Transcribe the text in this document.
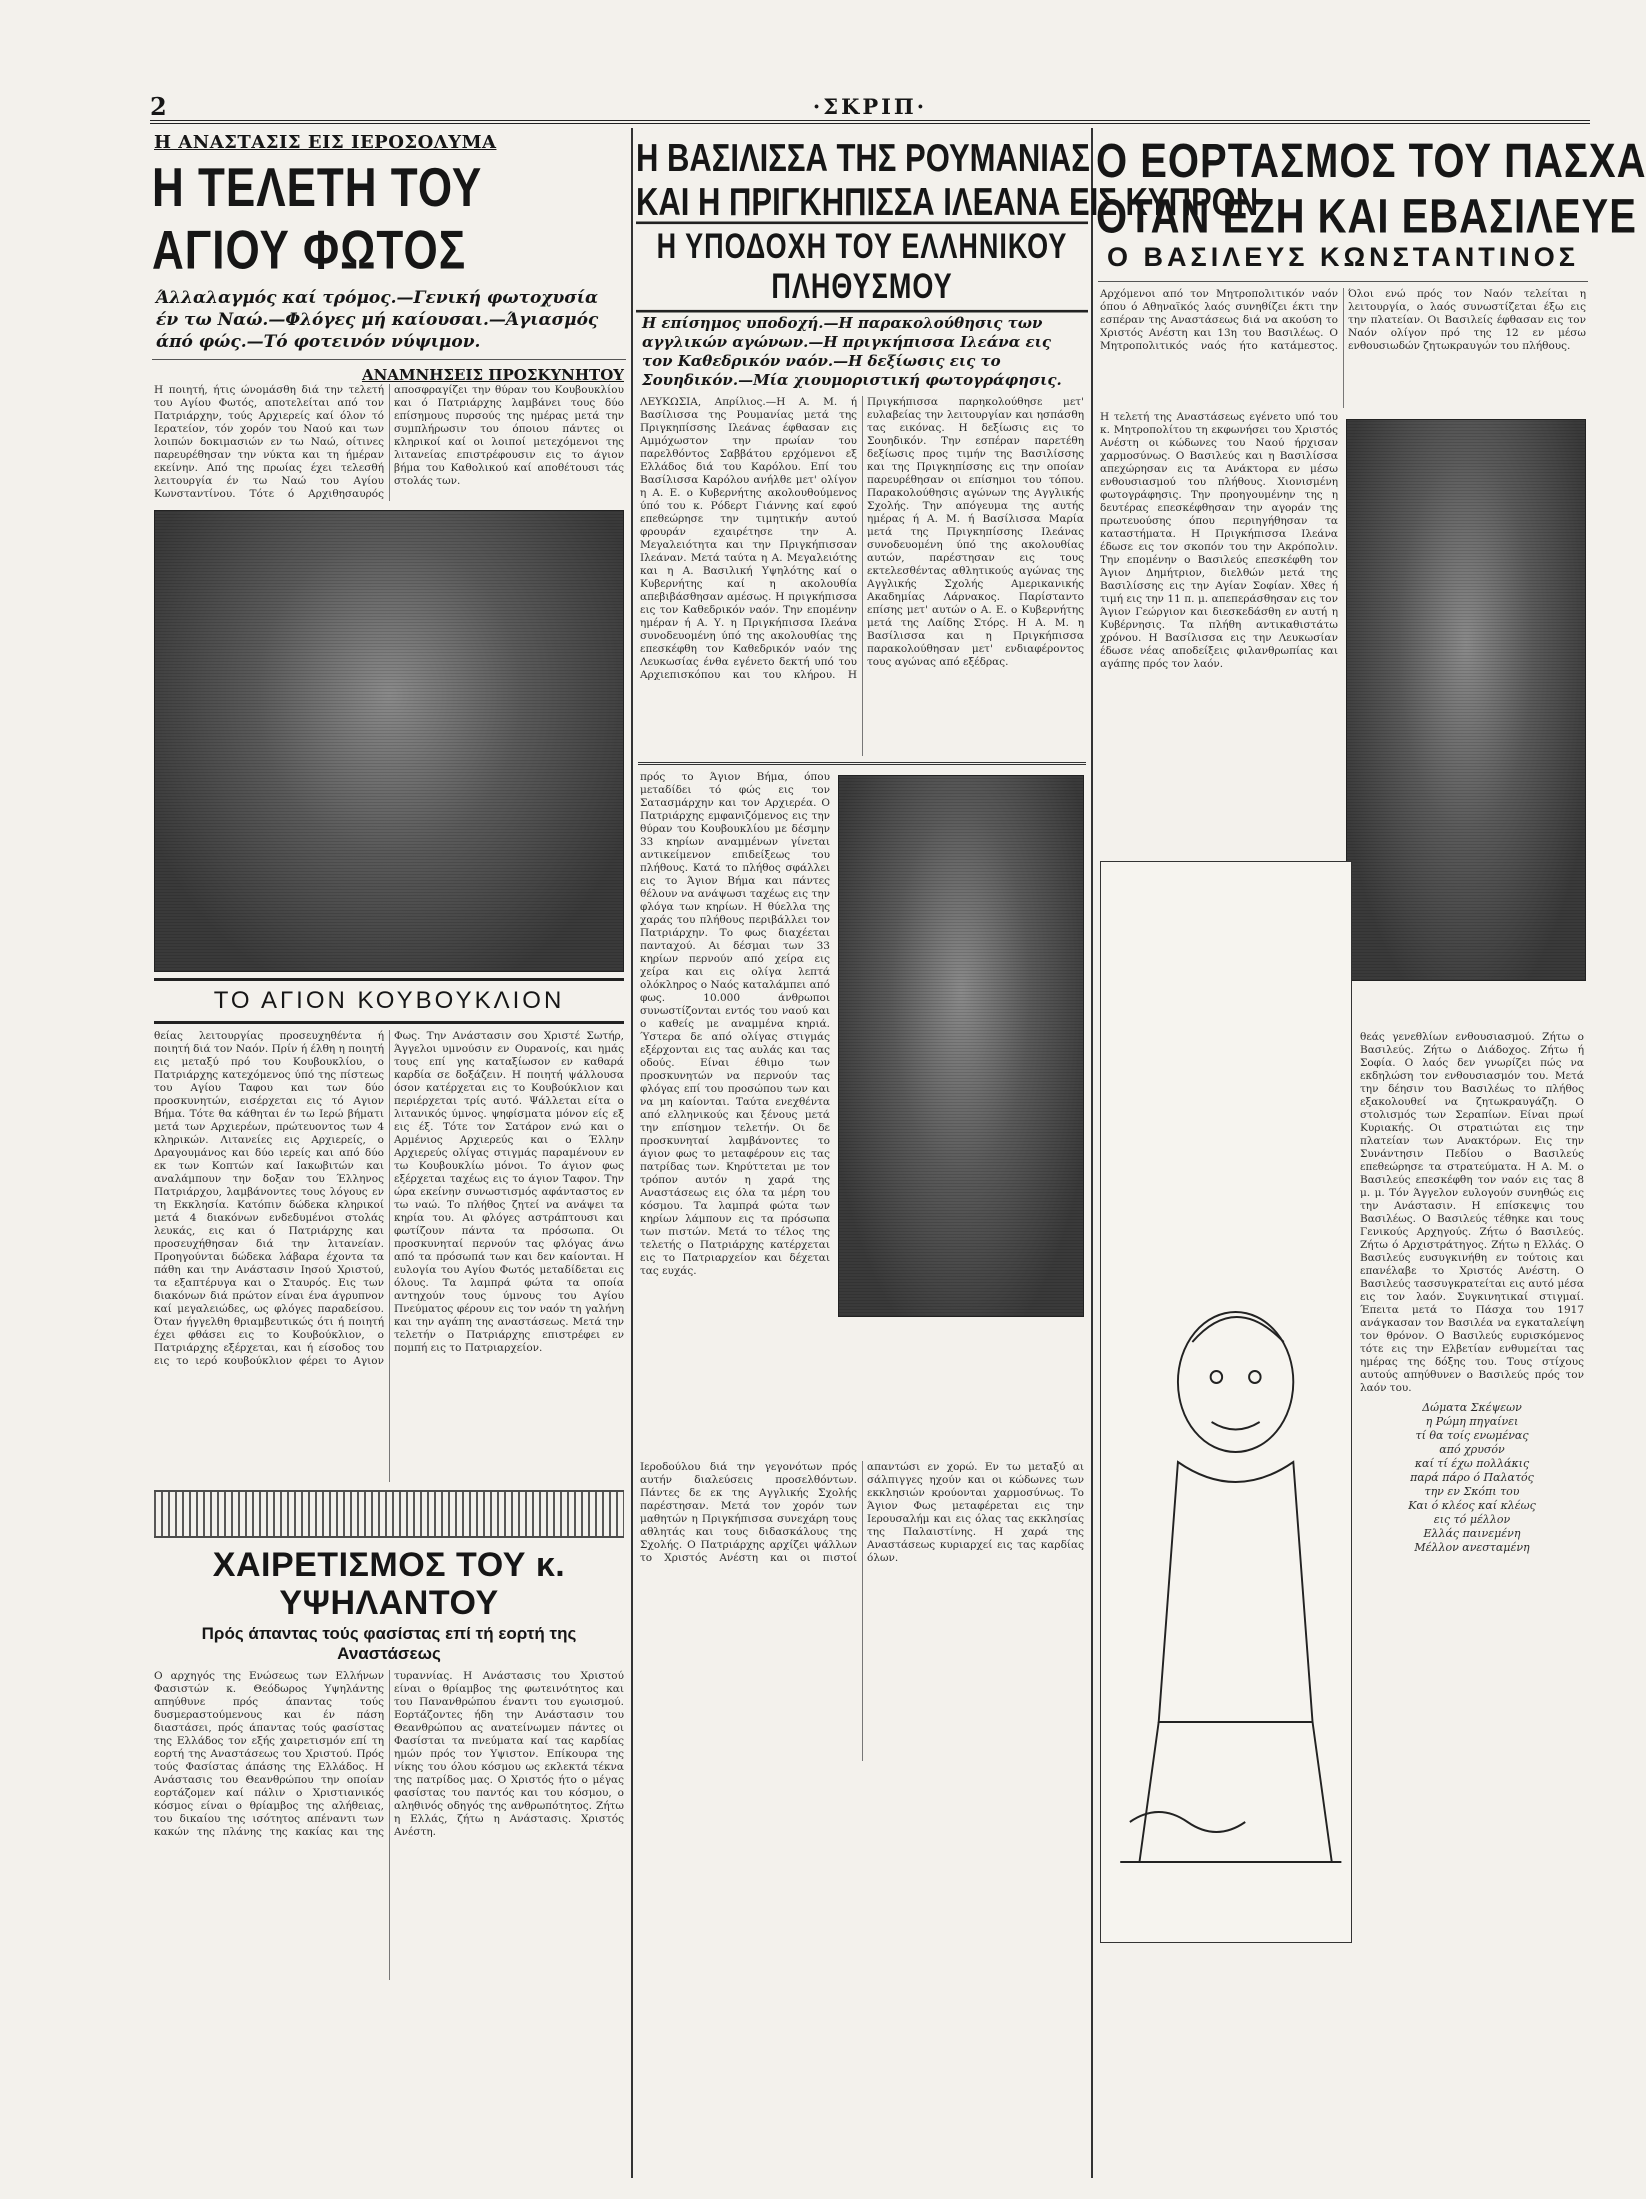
2	·ΣΚΡΙΠ·
Η ΑΝΑΣΤΑΣΙΣ ΕΙΣ ΙΕΡΟΣΟΛΥΜΑ
Η ΤΕΛΕΤΗ ΤΟΥ ΑΓΙΟΥ ΦΩΤΟΣ
Άλλαλαγμός καί τρόμος.—Γενική φωτοχυσία έν τω Ναώ.—Φλόγες μή καίουσαι.—Άγιασμός άπό φώς.—Τό φοτεινόν νύψιμον.
ΑΝΑΜΝΗΣΕΙΣ ΠΡΟΣΚΥΝΗΤΟΥ
Η ποιητή, ήτις ώνομάσθη διά την τελετή του Αγίου Φωτός, αποτελείται από τον Πατριάρχην, τούς Αρχιερείς καί όλον τό Ιερατείον, τόν χορόν του Ναού και των λοιπών δοκιμασιών εν τω Ναώ, οίτινες παρευρέθησαν την νύκτα και τη ήμέραν εκείνην. Από της πρωίας έχει τελεσθή λειτουργία έν τω Ναώ του Αγίου Κωνσταντίνου. Τότε ό Αρχιθησαυρός αποσφραγίζει την θύραν του Κουβουκλίου και ό Πατριάρχης λαμβάνει τους δύο επίσημους πυρσούς της ημέρας μετά την συμπλήρωσιν του όποιου πάντες οι κληρικοί καί οι λοιποί μετεχόμενοι της λιτανείας επιστρέφουσιν εις το άγιον βήμα του Καθολικού καί αποθέτουσι τάς στολάς των.
ΤΟ ΑΓΙΟΝ ΚΟΥΒΟΥΚΛΙΟΝ
θείας λειτουργίας προσευχηθέντα ή ποιητή διά τον Ναόν. Πρίν ή έλθη η ποιητή εις μεταξύ πρό του Κουβουκλίου, ο Πατριάρχης κατεχόμενος ύπό της πίστεως του Αγίου Ταφου και των δύο προσκυνητών, εισέρχεται εις τό Αγιον Βήμα. Τότε θα κάθηται έν τω Ιερώ βήματι μετά των Αρχιερέων, πρώτευοντος των 4 κληρικών. Λιτανείες εις Αρχιερείς, ο Δραγουμάνος και δύο ιερείς και από δύο εκ των Κοπτών καί Ιακωβιτών και αναλάμπουν την δοξαν του Έλληνος Πατριάρχου, λαμβάνοντες τους λόγους εν τη Εκκλησία. Κατόπιν δώδεκα κληρικοί μετά 4 διακόνων ενδεδυμένοι στολάς λευκάς, εις και ό Πατριάρχης και προσευχήθησαν διά την λιτανείαν. Προηγούνται δώδεκα λάβαρα έχοντα τα πάθη και την Ανάστασιν Ιησού Χριστού, τα εξαπτέρυγα και ο Σταυρός. Εις των διακόνων διά πρώτον είναι ένα άγρυπνον καί μεγαλειώδες, ως φλόγες παραδείσου. Όταν ήγγελθη θριαμβευτικώς ότι ή ποιητή έχει φθάσει εις το Κουβούκλιον, ο Πατριάρχης εξέρχεται, και ή είσοδος του εις το ιερό κουβούκλιον φέρει το Αγιον Φως. Την Ανάστασιν σου Χριστέ Σωτήρ, Άγγελοι υμνούσιν εν Ουρανοίς, και ημάς τους επί γης καταξίωσον εν καθαρά καρδία σε δοξάζειν. Η ποιητή ψάλλουσα όσον κατέρχεται εις το Κουβούκλιον και περιέρχεται τρίς αυτό. Ψάλλεται είτα ο λιτανικός ύμνος. ψηφίσματα μόνον είς εξ εις έξ. Τότε τον Σατάρον ενώ και ο Αρμένιος Αρχιερεύς και ο Έλλην Αρχιερεύς ολίγας στιγμάς παραμένουν εν τω Κουβουκλίω μόνοι. Το άγιον φως εξέρχεται ταχέως εις το άγιον Ταφον. Την ώρα εκείνην συνωστισμός αφάνταστος εν τω ναώ. Το πλήθος ζητεί να ανάψει τα κηρία του. Αι φλόγες αστράπτουσι και φωτίζουν πάντα τα πρόσωπα. Οι προσκυνηταί περνούν τας φλόγας άνω από τα πρόσωπά των και δεν καίονται. Η ευλογία του Αγίου Φωτός μεταδίδεται εις όλους. Τα λαμπρά φώτα τα οποία αντηχούν τους ύμνους του Αγίου Πνεύματος φέρουν εις τον ναόν τη γαλήνη και την αγάπη της αναστάσεως. Μετά την τελετήν ο Πατριάρχης επιστρέφει εν πομπή εις το Πατριαρχείον.
ΧΑΙΡΕΤΙΣΜΟΣ ΤΟΥ κ. ΥΨΗΛΑΝΤΟΥ
Πρός άπαντας τούς φασίστας επί τή εορτή της Αναστάσεως
Ο αρχηγός της Ενώσεως των Ελλήνων Φασιστών κ. Θεόδωρος Υψηλάντης απηύθυνε πρός άπαντας τούς δυσμεραστούμενους και έν πάση διαστάσει, πρός άπαντας τούς φασίστας της Ελλάδος τον εξής χαιρετισμόν επί τη εορτή της Αναστάσεως του Χριστού. Πρός τούς Φασίστας άπάσης της Ελλάδος. Η Ανάστασις του Θεανθρώπου την οποίαν εορτάζομεν καί πάλιν ο Χριστιανικός κόσμος είναι ο θρίαμβος της αλήθειας, του δικαίου της ισότητος απέναντι των κακών της πλάνης της κακίας και της τυραννίας. Η Ανάστασις του Χριστού είναι ο θρίαμβος της φωτεινότητος και του Πανανθρώπου έναντι του εγωισμού. Εορτάζοντες ήδη την Ανάστασιν του Θεανθρώπου ας ανατείνωμεν πάντες οι Φασίσται τα πνεύματα καί τας καρδίας ημών πρός τον Υψιστον. Επίκουρα της νίκης του όλου κόσμου ως εκλεκτά τέκνα της πατρίδος μας. Ο Χριστός ήτο ο μέγας φασίστας του παντός και του κόσμου, ο αληθινός οδηγός της ανθρωπότητος. Ζήτω η Ελλάς, ζήτω η Ανάστασις. Χριστός Ανέστη.
Η ΒΑΣΙΛΙΣΣΑ ΤΗΣ ΡΟΥΜΑΝΙΑΣ
ΚΑΙ Η ΠΡΙΓΚΗΠΙΣΣΑ ΙΛΕΑΝΑ ΕΙΣ ΚΥΠΡΟΝ
Η ΥΠΟΔΟΧΗ ΤΟΥ ΕΛΛΗΝΙΚΟΥ ΠΛΗΘΥΣΜΟΥ
Η επίσημος υποδοχή.—Η παρακολούθησις των αγγλικών αγώνων.—Η πριγκήπισσα Ιλεάνα εις τον Καθεδρικόν ναόν.—Η δεξίωσις εις το Σουηδικόν.—Μία χιουμοριστική φωτογράφησις.
ΛΕΥΚΩΣΙΑ, Απρίλιος.—Η Α. Μ. ή Βασίλισσα της Ρουμανίας μετά της Πριγκηπίσσης Ιλεάνας έφθασαν εις Αμμόχωστον την πρωίαν του παρελθόντος Σαββάτου ερχόμενοι εξ Ελλάδος διά του Καρόλου. Επί του Βασίλισσα Καρόλου ανήλθε μετ' ολίγον η Α. Ε. ο Κυβερνήτης ακολουθούμενος ύπό του κ. Ρόδερτ Γιάννης καί εφού επεθεώρησε την τιμητικήν αυτού φρουράν εχαιρέτησε την Α. Μεγαλειότητα και την Πριγκήπισσαν Ιλεάναν. Μετά ταύτα η Α. Μεγαλειότης και η Α. Βασιλική Υψηλότης καί ο Κυβερνήτης καί η ακολουθία απεβιβάσθησαν αμέσως. Η πριγκήπισσα εις τον Καθεδρικόν ναόν. Την επομένην ημέραν ή Α. Υ. η Πριγκήπισσα Ιλεάνα συνοδευομένη ύπό της ακολουθίας της επεσκέφθη τον Καθεδρικόν ναόν της Λευκωσίας ένθα εγένετο δεκτή υπό του Αρχιεπισκόπου και του κλήρου. Η Πριγκήπισσα παρηκολούθησε μετ' ευλαβείας την λειτουργίαν και ησπάσθη τας εικόνας. Η δεξίωσις εις το Σουηδικόν. Την εσπέραν παρετέθη δεξίωσις προς τιμήν της Βασιλίσσης και της Πριγκηπίσσης εις την οποίαν παρευρέθησαν οι επίσημοι του τόπου. Παρακολούθησις αγώνων της Αγγλικής Σχολής. Την απόγευμα της αυτής ημέρας ή Α. Μ. ή Βασίλισσα Μαρία μετά της Πριγκηπίσσης Ιλεάνας συνοδευομένη ύπό της ακολουθίας αυτών, παρέστησαν εις τους εκτελεσθέντας αθλητικούς αγώνας της Αγγλικής Σχολής Αμερικανικής Ακαδημίας Λάρνακος. Παρίσταντο επίσης μετ' αυτών ο Α. Ε. ο Κυβερνήτης μετά της Λαίδης Στόρς. Η Α. Μ. η Βασίλισσα και η Πριγκήπισσα παρακολούθησαν μετ' ενδιαφέροντος τους αγώνας από εξέδρας.
πρός το Άγιον Βήμα, όπου μεταδίδει τό φώς εις τον Σατασμάρχην και τον Αρχιερέα. Ο Πατριάρχης εμφανιζόμενος εις την θύραν του Κουβουκλίου με δέσμην 33 κηρίων αναμμένων γίνεται αντικείμενον επιδείξεως του πλήθους. Κατά το πλήθος σφάλλει εις το Άγιον Βήμα και πάντες θέλουν να ανάψωσι ταχέως εις την φλόγα των κηρίων. Η θύελλα της χαράς του πλήθους περιβάλλει τον Πατριάρχην. Το φως διαχέεται πανταχού. Αι δέσμαι των 33 κηρίων περνούν από χείρα εις χείρα και εις ολίγα λεπτά ολόκληρος ο Ναός καταλάμπει από φως. 10.000 άνθρωποι συνωστίζονται εντός του ναού και ο καθείς με αναμμένα κηριά. Ύστερα δε από ολίγας στιγμάς εξέρχονται εις τας αυλάς και τας οδούς. Είναι έθιμο των προσκυνητών να περνούν τας φλόγας επί του προσώπου των και να μη καίονται. Ταύτα ενεχθέντα από ελληνικούς και ξένους μετά την επίσημον τελετήν. Οι δε προσκυνηταί λαμβάνοντες το άγιον φως το μεταφέρουν εις τας πατρίδας των. Κηρύττεται με τον τρόπον αυτόν η χαρά της Αναστάσεως εις όλα τα μέρη του κόσμου. Τα λαμπρά φώτα των κηρίων λάμπουν εις τα πρόσωπα των πιστών. Μετά το τέλος της τελετής ο Πατριάρχης κατέρχεται εις το Πατριαρχείον και δέχεται τας ευχάς.
Ιεροδούλου διά την γεγονότων πρός αυτήν διαλεύσεις προσελθόντων. Πάντες δε εκ της Αγγλικής Σχολής παρέστησαν. Μετά τον χορόν των μαθητών η Πριγκήπισσα συνεχάρη τους αθλητάς και τους διδασκάλους της Σχολής. Ο Πατριάρχης αρχίζει ψάλλων το Χριστός Ανέστη και οι πιστοί απαντώσι εν χορώ. Εν τω μεταξύ αι σάλπιγγες ηχούν και οι κώδωνες των εκκλησιών κρούονται χαρμοσύνως. Το Άγιον Φως μεταφέρεται εις την Ιερουσαλήμ και εις όλας τας εκκλησίας της Παλαιστίνης. Η χαρά της Αναστάσεως κυριαρχεί εις τας καρδίας όλων.
Ο ΕΟΡΤΑΣΜΟΣ ΤΟΥ ΠΑΣΧΑ
ΟΤΑΝ ΕΖΗ ΚΑΙ ΕΒΑΣΙΛΕΥΕ
Ο ΒΑΣΙΛΕΥΣ ΚΩΝΣΤΑΝΤΙΝΟΣ
Αρχόμενοι από τον Μητροπολιτικόν ναόν όπου ό Αθηναϊκός λαός συνηθίζει έκτι την εσπέραν της Αναστάσεως διά να ακούση το Χριστός Ανέστη και 13η του Βασιλέως. Ο Μητροπολιτικός ναός ήτο κατάμεστος. Όλοι ενώ πρός τον Ναόν τελείται η λειτουργία, ο λαός συνωστίζεται έξω εις την πλατείαν. Οι Βασιλείς έφθασαν εις τον Ναόν ολίγον πρό της 12 εν μέσω ενθουσιωδών ζητωκραυγών του πλήθους.
Η τελετή της Αναστάσεως εγένετο υπό του κ. Μητροπολίτου τη εκφωνήσει του Χριστός Ανέστη οι κώδωνες του Ναού ήρχισαν χαρμοσύνως. Ο Βασιλεύς και η Βασιλίσσα απεχώρησαν εις τα Ανάκτορα εν μέσω ενθουσιασμού του πλήθους. Χιονισμένη φωτογράφησις. Την προηγουμένην της η δευτέρας επεσκέφθησαν την αγοράν της πρωτευούσης όπου περιηγήθησαν τα καταστήματα. Η Πριγκήπισσα Ιλεάνα έδωσε εις τον σκοπόν του την Ακρόπολιν. Την επομένην ο Βασιλεύς επεσκέφθη τον Άγιον Δημήτριον, διελθών μετά της Βασιλίσσης εις την Αγίαν Σοφίαν. Χθες ή τιμή εις την 11 π. μ. απεπεράσθησαν εις τον Άγιον Γεώργιον και διεσκεδάσθη εν αυτή η Κυβέρνησις. Τα πλήθη αντικαθιστάτω χρόνου. Η Βασίλισσα εις την Λευκωσίαν έδωσε νέας αποδείξεις φιλανθρωπίας και αγάπης πρός τον λαόν.
θεάς γενεθλίων ενθουσιασμού. Ζήτω ο Βασιλεύς. Ζήτω ο Διάδοχος. Ζήτω ή Σοφία. Ο λαός δεν γνωρίζει πώς να εκδηλώση τον ενθουσιασμόν του. Μετά την δέησιν του Βασιλέως το πλήθος εξακολουθεί να ζητωκραυγάζη. Ο στολισμός των Σεραπίων. Είναι πρωί Κυριακής. Οι στρατιώται εις την πλατείαν των Ανακτόρων. Εις την Συνάντησιν Πεδίου ο Βασιλεύς επεθεώρησε τα στρατεύματα. Η Α. Μ. ο Βασιλεύς επεσκέφθη τον ναόν εις τας 8 μ. μ. Τόν Άγγελον ευλογούν συνηθώς εις την Ανάστασιν. Η επίσκεψις του Βασιλέως. Ο Βασιλεύς τέθηκε και τους Γενικούς Αρχηγούς. Ζήτω ό Βασιλεύς. Ζήτω ό Αρχιστράτηγος. Ζήτω η Ελλάς. Ο Βασιλεύς ευσυγκινήθη εν τούτοις και επανέλαβε το Χριστός Ανέστη. Ο Βασιλεύς τασσυγκρατείται εις αυτό μέσα εις τον λαόν. Συγκινητικαί στιγμαί. Έπειτα μετά το Πάσχα του 1917 ανάγκασαν τον Βασιλέα να εγκαταλείψη τον θρόνον. Ο Βασιλεύς ευρισκόμενος τότε εις την Ελβετίαν ενθυμείται τας ημέρας της δόξης του. Τους στίχους αυτούς απηύθυνεν ο Βασιλεύς πρός τον λαόν του.
Δώματα Σκέψεων
η Ρώμη πηγαίνει
τί θα τοίς ενωμένας
από χρυσόν
καί τί έχω πολλάκις
παρά πάρο ό Παλατός
την εν Σκόπι του
Και ό κλέος καί κλέως
εις τό μέλλον
Ελλάς παινεμένη
Μέλλον ανεσταμένη
